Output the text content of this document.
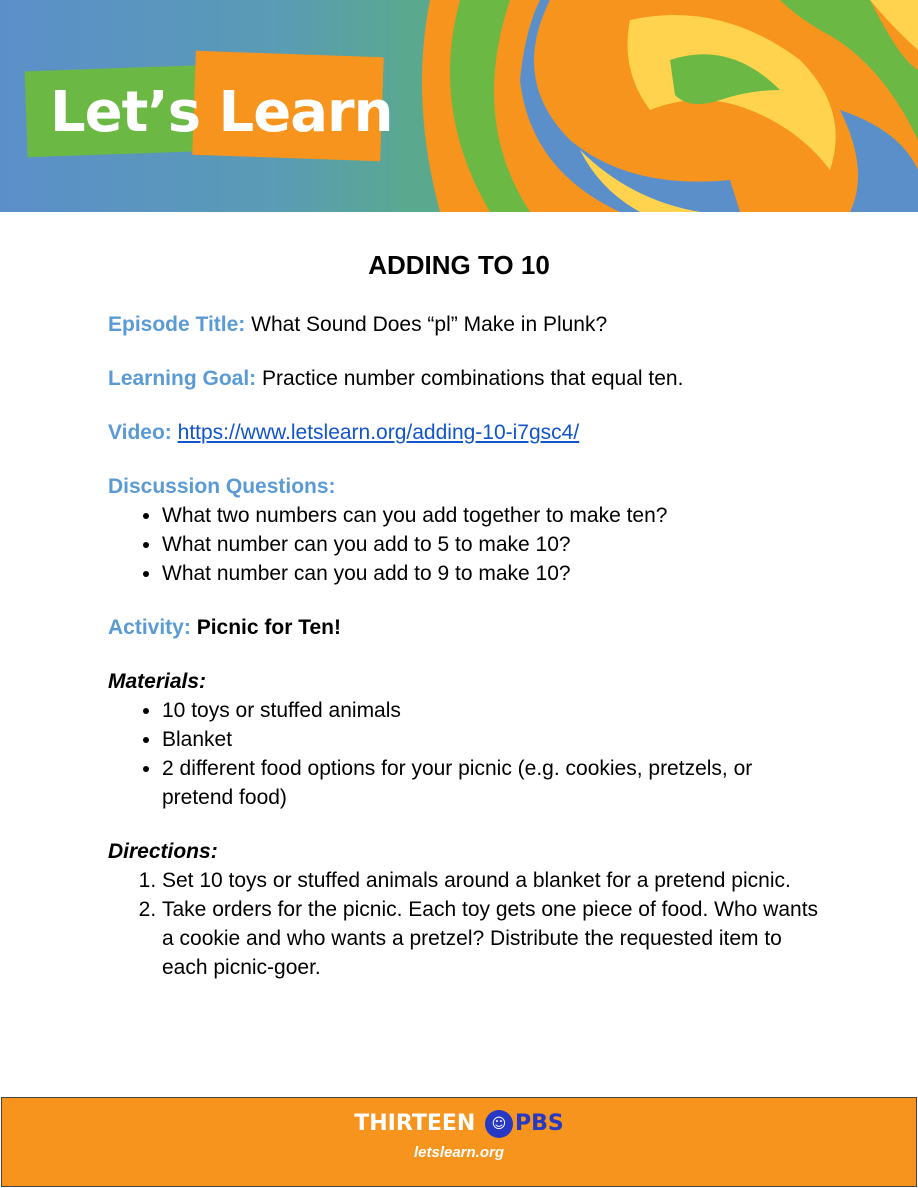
Let’s Learn
ADDING TO 10

Episode Title: What Sound Does “pl” Make in Plunk?

Learning Goal: Practice number combinations that equal ten.

Video: https://www.letslearn.org/adding-10-i7gsc4/

Discussion Questions:

• What two numbers can you add together to make ten?
• What number can you add to 5 to make 10?
• What number can you add to 9 to make 10?

Activity: Picnic for Ten!

Materials:

• 10 toys or stuffed animals
• Blanket
• 2 different food options for your picnic (e.g. cookies, pretzels, or pretend food)

Directions:

1. Set 10 toys or stuffed animals around a blanket for a pretend picnic.
2. Take orders for the picnic. Each toy gets one piece of food. Who wants a cookie and who wants a pretzel? Distribute the requested item to each picnic-goer.
THIRTEEN ☺ PBS
letslearn.org
